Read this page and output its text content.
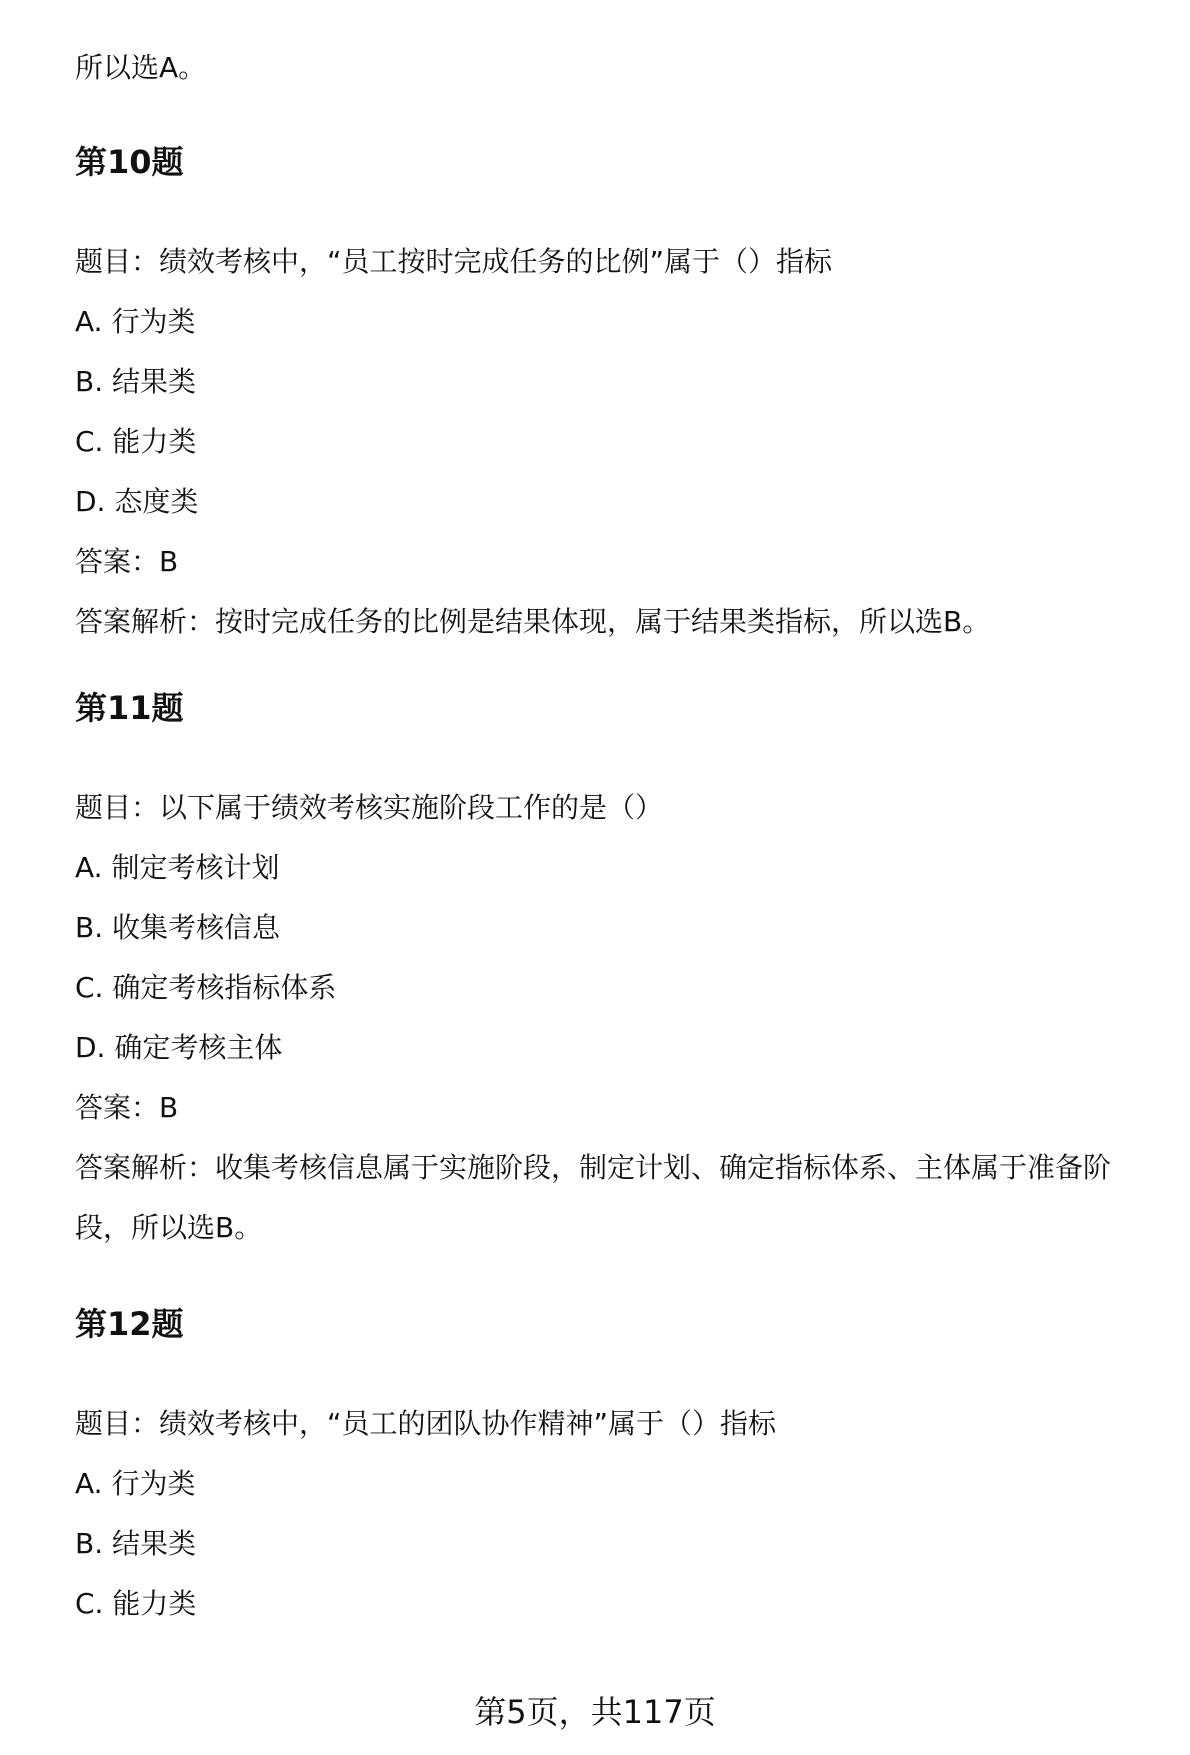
所以选A。
第10题
题目：绩效考核中，“员工按时完成任务的比例”属于（）指标
A. 行为类
B. 结果类
C. 能力类
D. 态度类
答案：B
答案解析：按时完成任务的比例是结果体现，属于结果类指标，所以选B。
第11题
题目：以下属于绩效考核实施阶段工作的是（）
A. 制定考核计划
B. 收集考核信息
C. 确定考核指标体系
D. 确定考核主体
答案：B
答案解析：收集考核信息属于实施阶段，制定计划、确定指标体系、主体属于准备阶段，所以选B。
第12题
题目：绩效考核中，“员工的团队协作精神”属于（）指标
A. 行为类
B. 结果类
C. 能力类
第5页，共117页
